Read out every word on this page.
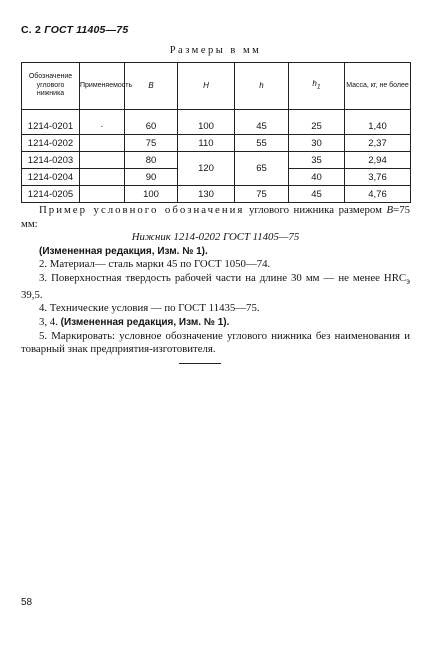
С. 2 ГОСТ 11405—75
Размеры в мм
Обозначение углового нижника	Применяемость	B	H	h	$h_1$	Масса, кг, не более
1214-0201	·	60	100	45	25	1,40
1214-0202		75	110	55	30	2,37
1214-0203		80	120	65	35	2,94
1214-0204		90			40	3,76
1214-0205		100	130	75	45	4,76

Пример условного обозначения углового нижника размером B=75 мм:

Нижник 1214-0202 ГОСТ 11405—75

(Измененная редакция, Изм. № 1).

2. Материал— сталь марки 45 по ГОСТ 1050—74.

3. Поверхностная твердость рабочей части на длине 30 мм — не менее $HRC_э$ 39,5.

4. Технические условия — по ГОСТ 11435—75.

3, 4. (Измененная редакция, Изм. № 1).

5. Маркировать: условное обозначение углового нижника без наименования и товарный знак предприятия-изготовителя.

58
